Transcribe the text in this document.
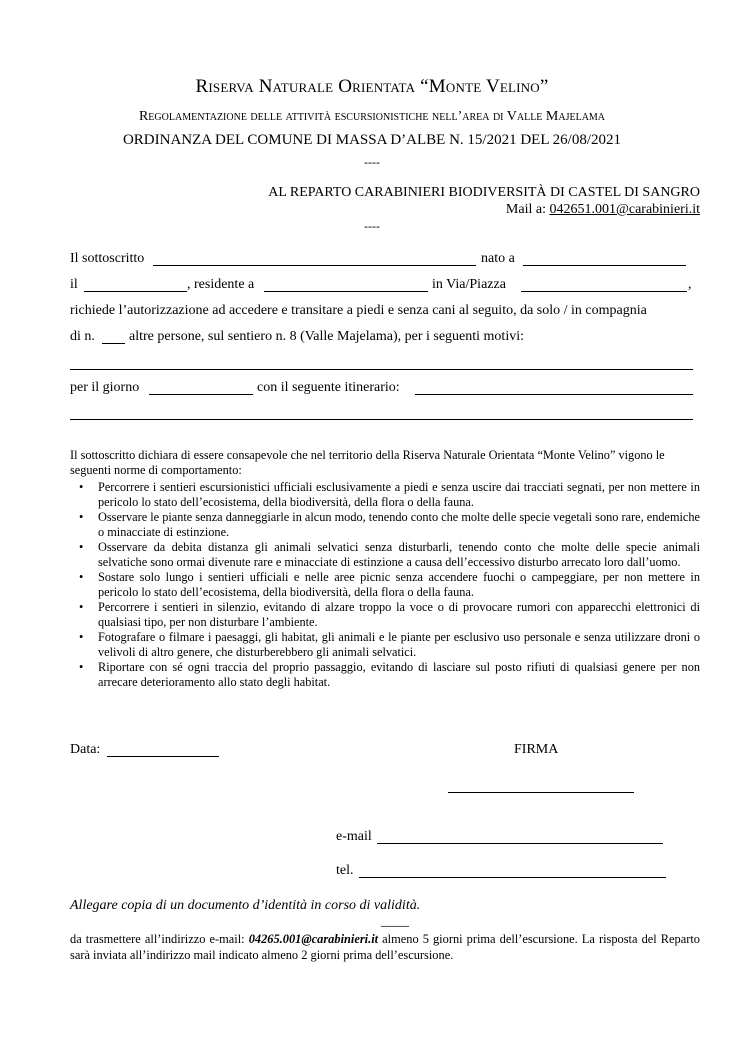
Riserva Naturale Orientata “Monte Velino”
Regolamentazione delle attività escursionistiche nell’area di Valle Majelama
ORDINANZA DEL COMUNE DI MASSA D’ALBE N. 15/2021 DEL 26/08/2021
----
AL REPARTO CARABINIERI BIODIVERSITÀ DI CASTEL DI SANGRO
Mail a: 042651.001@carabinieri.it
----
Il sottoscritto	nato a
il	, residente a	in Via/Piazza	,
richiede l’autorizzazione ad accedere e transitare a piedi e senza cani al seguito, da solo / in compagnia
di n. altre persone, sul sentiero n. 8 (Valle Majelama), per i seguenti motivi:
per il giorno	con il seguente itinerario:

Il sottoscritto dichiara di essere consapevole che nel territorio della Riserva Naturale Orientata “Monte Velino” vigono le seguenti norme di comportamento:

• Percorrere i sentieri escursionistici ufficiali esclusivamente a piedi e senza uscire dai tracciati segnati, per non mettere in pericolo lo stato dell’ecosistema, della biodiversità, della flora o della fauna.
• Osservare le piante senza danneggiarle in alcun modo, tenendo conto che molte delle specie vegetali sono rare, endemiche o minacciate di estinzione.
• Osservare da debita distanza gli animali selvatici senza disturbarli, tenendo conto che molte delle specie animali selvatiche sono ormai divenute rare e minacciate di estinzione a causa dell’eccessivo disturbo arrecato loro dall’uomo.
• Sostare solo lungo i sentieri ufficiali e nelle aree picnic senza accendere fuochi o campeggiare, per non mettere in pericolo lo stato dell’ecosistema, della biodiversità, della flora o della fauna.
• Percorrere i sentieri in silenzio, evitando di alzare troppo la voce o di provocare rumori con apparecchi elettronici di qualsiasi tipo, per non disturbare l’ambiente.
• Fotografare o filmare i paesaggi, gli habitat, gli animali e le piante per esclusivo uso personale e senza utilizzare droni o velivoli di altro genere, che disturberebbero gli animali selvatici.
• Riportare con sé ogni traccia del proprio passaggio, evitando di lasciare sul posto rifiuti di qualsiasi genere per non arrecare deterioramento allo stato degli habitat.
Data:	FIRMA
e-mail
tel.
Allegare copia di un documento d’identità in corso di validità.
____
da trasmettere all’indirizzo e-mail: 04265.001@carabinieri.it almeno 5 giorni prima dell’escursione. La risposta del Reparto sarà inviata all’indirizzo mail indicato almeno 2 giorni prima dell’escursione.
